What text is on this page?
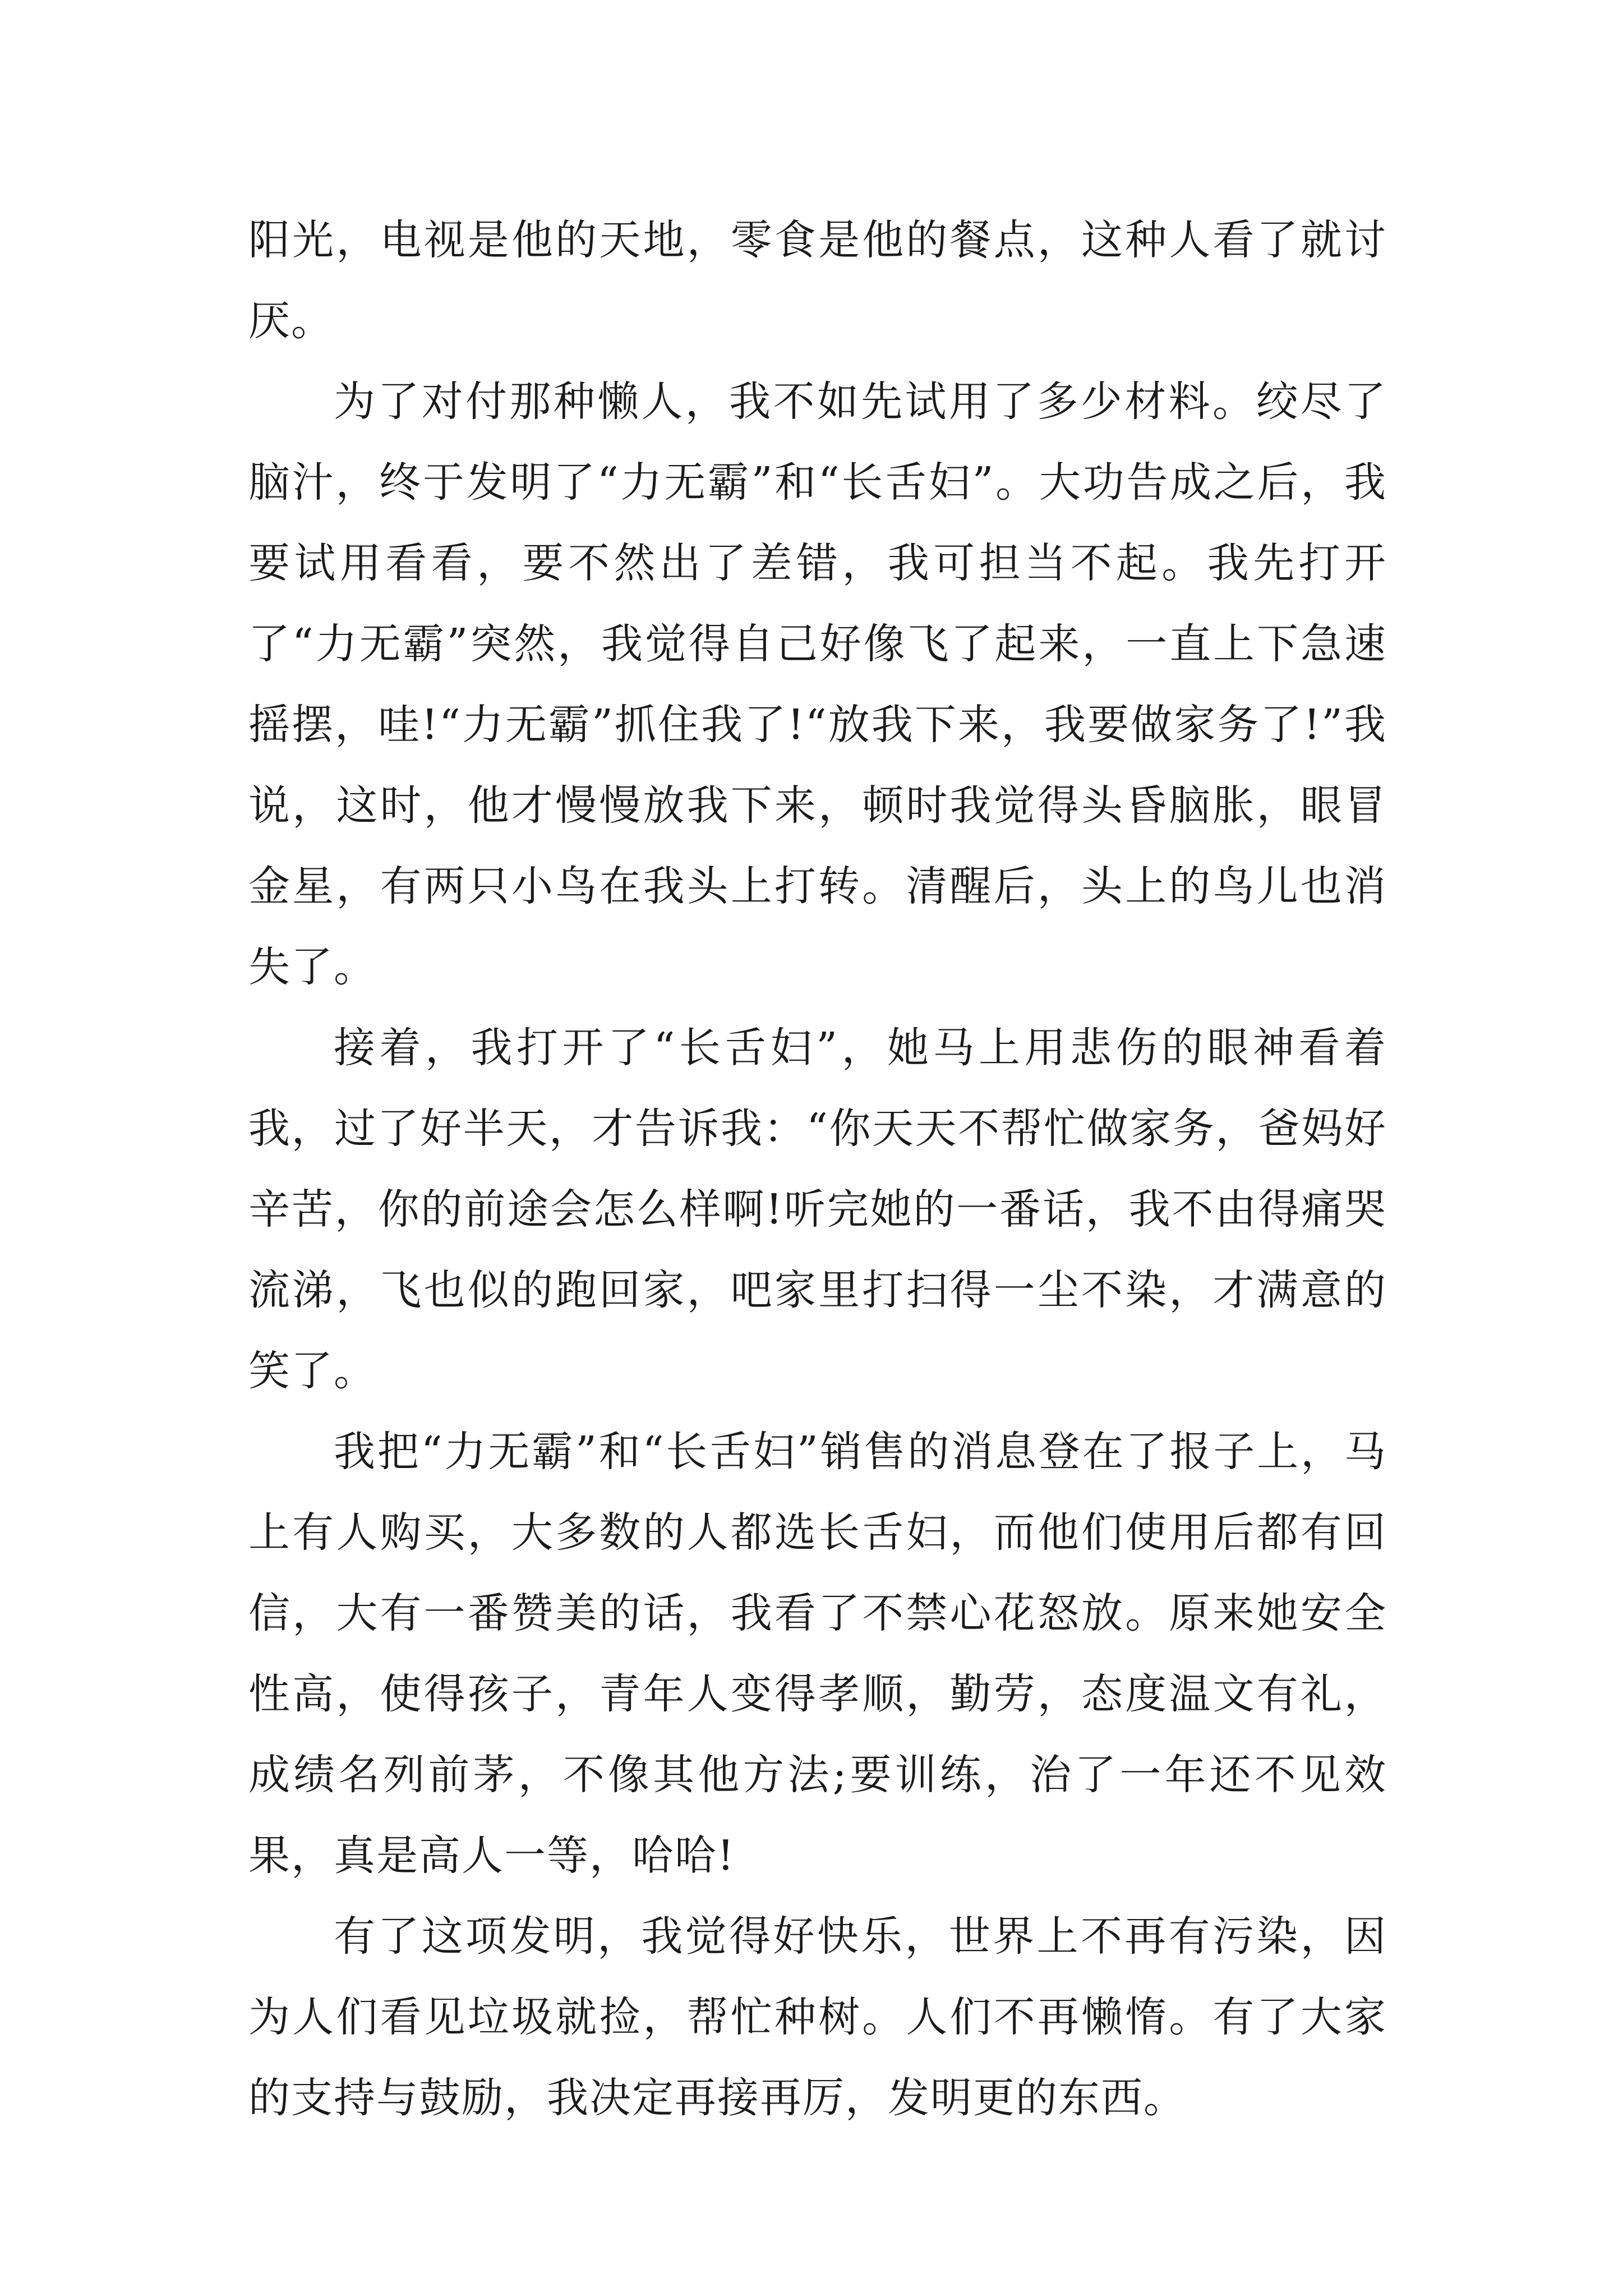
阳光，电视是他的天地，零食是他的餐点，这种人看了就讨厌。

为了对付那种懒人，我不如先试用了多少材料。绞尽了脑汁，终于发明了“力无霸”和“长舌妇”。大功告成之后，我要试用看看，要不然出了差错，我可担当不起。我先打开了“力无霸”突然，我觉得自己好像飞了起来，一直上下急速摇摆，哇!“力无霸”抓住我了!“放我下来，我要做家务了!”我说，这时，他才慢慢放我下来，顿时我觉得头昏脑胀，眼冒金星，有两只小鸟在我头上打转。清醒后，头上的鸟儿也消失了。

接着，我打开了“长舌妇”，她马上用悲伤的眼神看着我，过了好半天，才告诉我：“你天天不帮忙做家务，爸妈好辛苦，你的前途会怎么样啊!听完她的一番话，我不由得痛哭流涕，飞也似的跑回家，吧家里打扫得一尘不染，才满意的笑了。

我把“力无霸”和“长舌妇”销售的消息登在了报子上，马上有人购买，大多数的人都选长舌妇，而他们使用后都有回信，大有一番赞美的话，我看了不禁心花怒放。原来她安全性高，使得孩子，青年人变得孝顺，勤劳，态度温文有礼，成绩名列前茅，不像其他方法;要训练，治了一年还不见效果，真是高人一等，哈哈!

有了这项发明，我觉得好快乐，世界上不再有污染，因为人们看见垃圾就捡，帮忙种树。人们不再懒惰。有了大家的支持与鼓励，我决定再接再厉，发明更的东西。
